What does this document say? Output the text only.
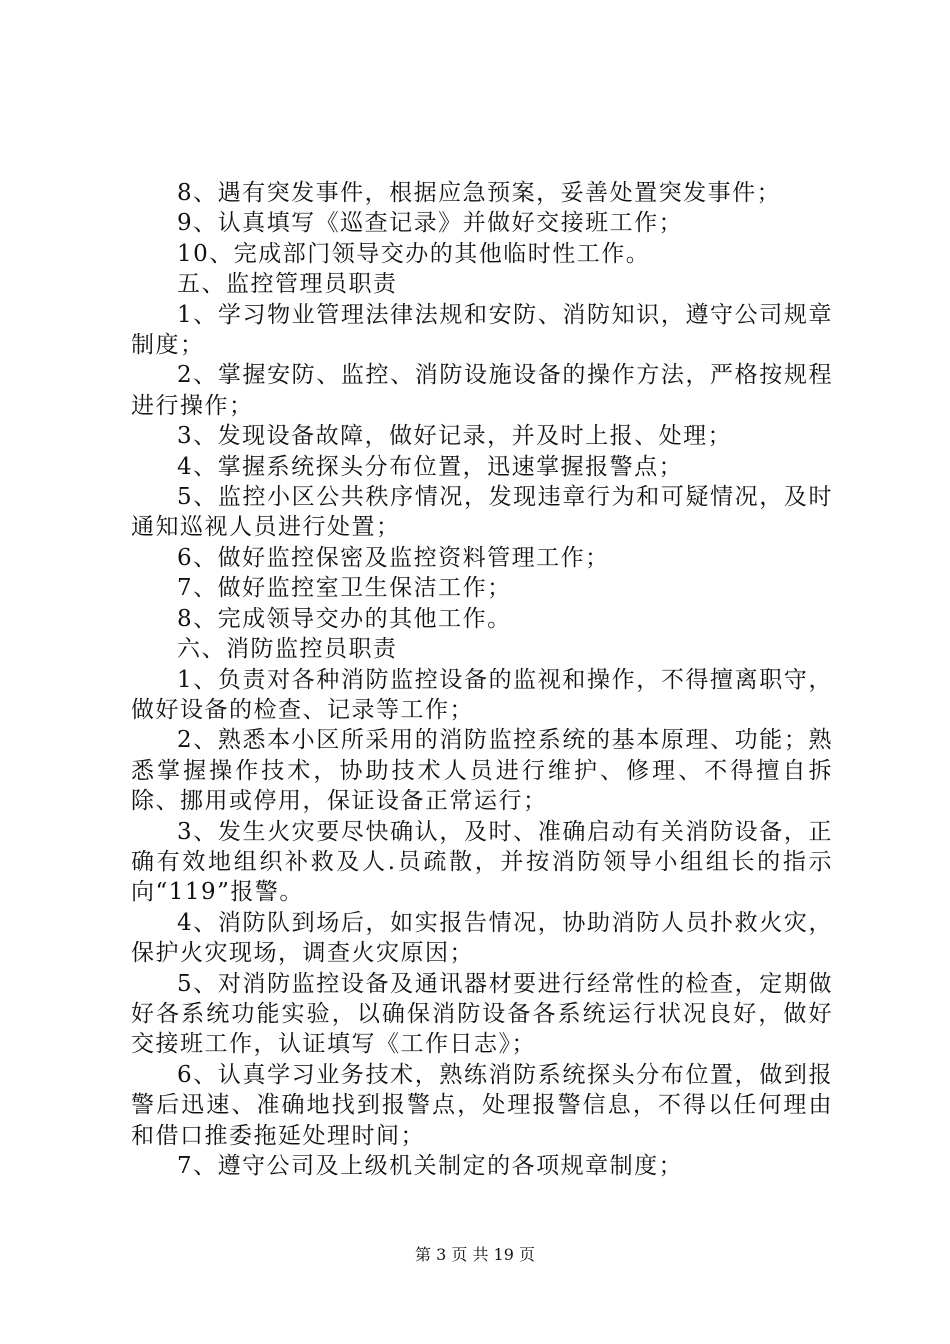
8、遇有突发事件，根据应急预案，妥善处置突发事件；

9、认真填写《巡查记录》并做好交接班工作；

10、完成部门领导交办的其他临时性工作。

五、监控管理员职责

1、学习物业管理法律法规和安防、消防知识，遵守公司规章制度；

2、掌握安防、监控、消防设施设备的操作方法，严格按规程进行操作；

3、发现设备故障，做好记录，并及时上报、处理；

4、掌握系统探头分布位置，迅速掌握报警点；

5、监控小区公共秩序情况，发现违章行为和可疑情况，及时通知巡视人员进行处置；

6、做好监控保密及监控资料管理工作；

7、做好监控室卫生保洁工作；

8、完成领导交办的其他工作。

六、消防监控员职责

1、负责对各种消防监控设备的监视和操作，不得擅离职守，做好设备的检查、记录等工作；

2、熟悉本小区所采用的消防监控系统的基本原理、功能；熟悉掌握操作技术，协助技术人员进行维护、修理、不得擅自拆除、挪用或停用，保证设备正常运行；

3、发生火灾要尽快确认，及时、准确启动有关消防设备，正确有效地组织补救及人.员疏散，并按消防领导小组组长的指示向“119”报警。

4、消防队到场后，如实报告情况，协助消防人员扑救火灾，保护火灾现场，调查火灾原因；

5、对消防监控设备及通讯器材要进行经常性的检查，定期做好各系统功能实验，以确保消防设备各系统运行状况良好，做好交接班工作，认证填写《工作日志》；

6、认真学习业务技术，熟练消防系统探头分布位置，做到报警后迅速、准确地找到报警点，处理报警信息，不得以任何理由和借口推委拖延处理时间；

7、遵守公司及上级机关制定的各项规章制度；

第 3 页 共 19 页
